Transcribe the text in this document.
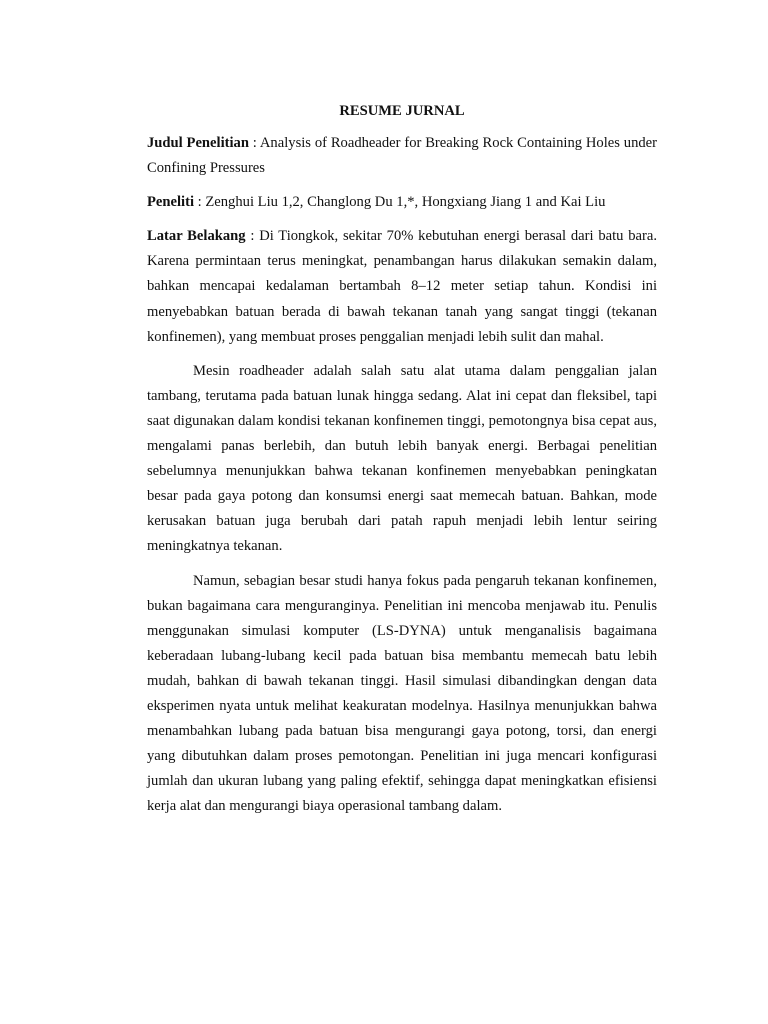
RESUME JURNAL

Judul Penelitian : Analysis of Roadheader for Breaking Rock Containing Holes under Confining Pressures

Peneliti : Zenghui Liu 1,2, Changlong Du 1,*, Hongxiang Jiang 1 and Kai Liu

Latar Belakang : Di Tiongkok, sekitar 70% kebutuhan energi berasal dari batu bara. Karena permintaan terus meningkat, penambangan harus dilakukan semakin dalam, bahkan mencapai kedalaman bertambah 8–12 meter setiap tahun. Kondisi ini menyebabkan batuan berada di bawah tekanan tanah yang sangat tinggi (tekanan konfinemen), yang membuat proses penggalian menjadi lebih sulit dan mahal.

Mesin roadheader adalah salah satu alat utama dalam penggalian jalan tambang, terutama pada batuan lunak hingga sedang. Alat ini cepat dan fleksibel, tapi saat digunakan dalam kondisi tekanan konfinemen tinggi, pemotongnya bisa cepat aus, mengalami panas berlebih, dan butuh lebih banyak energi. Berbagai penelitian sebelumnya menunjukkan bahwa tekanan konfinemen menyebabkan peningkatan besar pada gaya potong dan konsumsi energi saat memecah batuan. Bahkan, mode kerusakan batuan juga berubah dari patah rapuh menjadi lebih lentur seiring meningkatnya tekanan.

Namun, sebagian besar studi hanya fokus pada pengaruh tekanan konfinemen, bukan bagaimana cara menguranginya. Penelitian ini mencoba menjawab itu. Penulis menggunakan simulasi komputer (LS-DYNA) untuk menganalisis bagaimana keberadaan lubang-lubang kecil pada batuan bisa membantu memecah batu lebih mudah, bahkan di bawah tekanan tinggi. Hasil simulasi dibandingkan dengan data eksperimen nyata untuk melihat keakuratan modelnya. Hasilnya menunjukkan bahwa menambahkan lubang pada batuan bisa mengurangi gaya potong, torsi, dan energi yang dibutuhkan dalam proses pemotongan. Penelitian ini juga mencari konfigurasi jumlah dan ukuran lubang yang paling efektif, sehingga dapat meningkatkan efisiensi kerja alat dan mengurangi biaya operasional tambang dalam.
